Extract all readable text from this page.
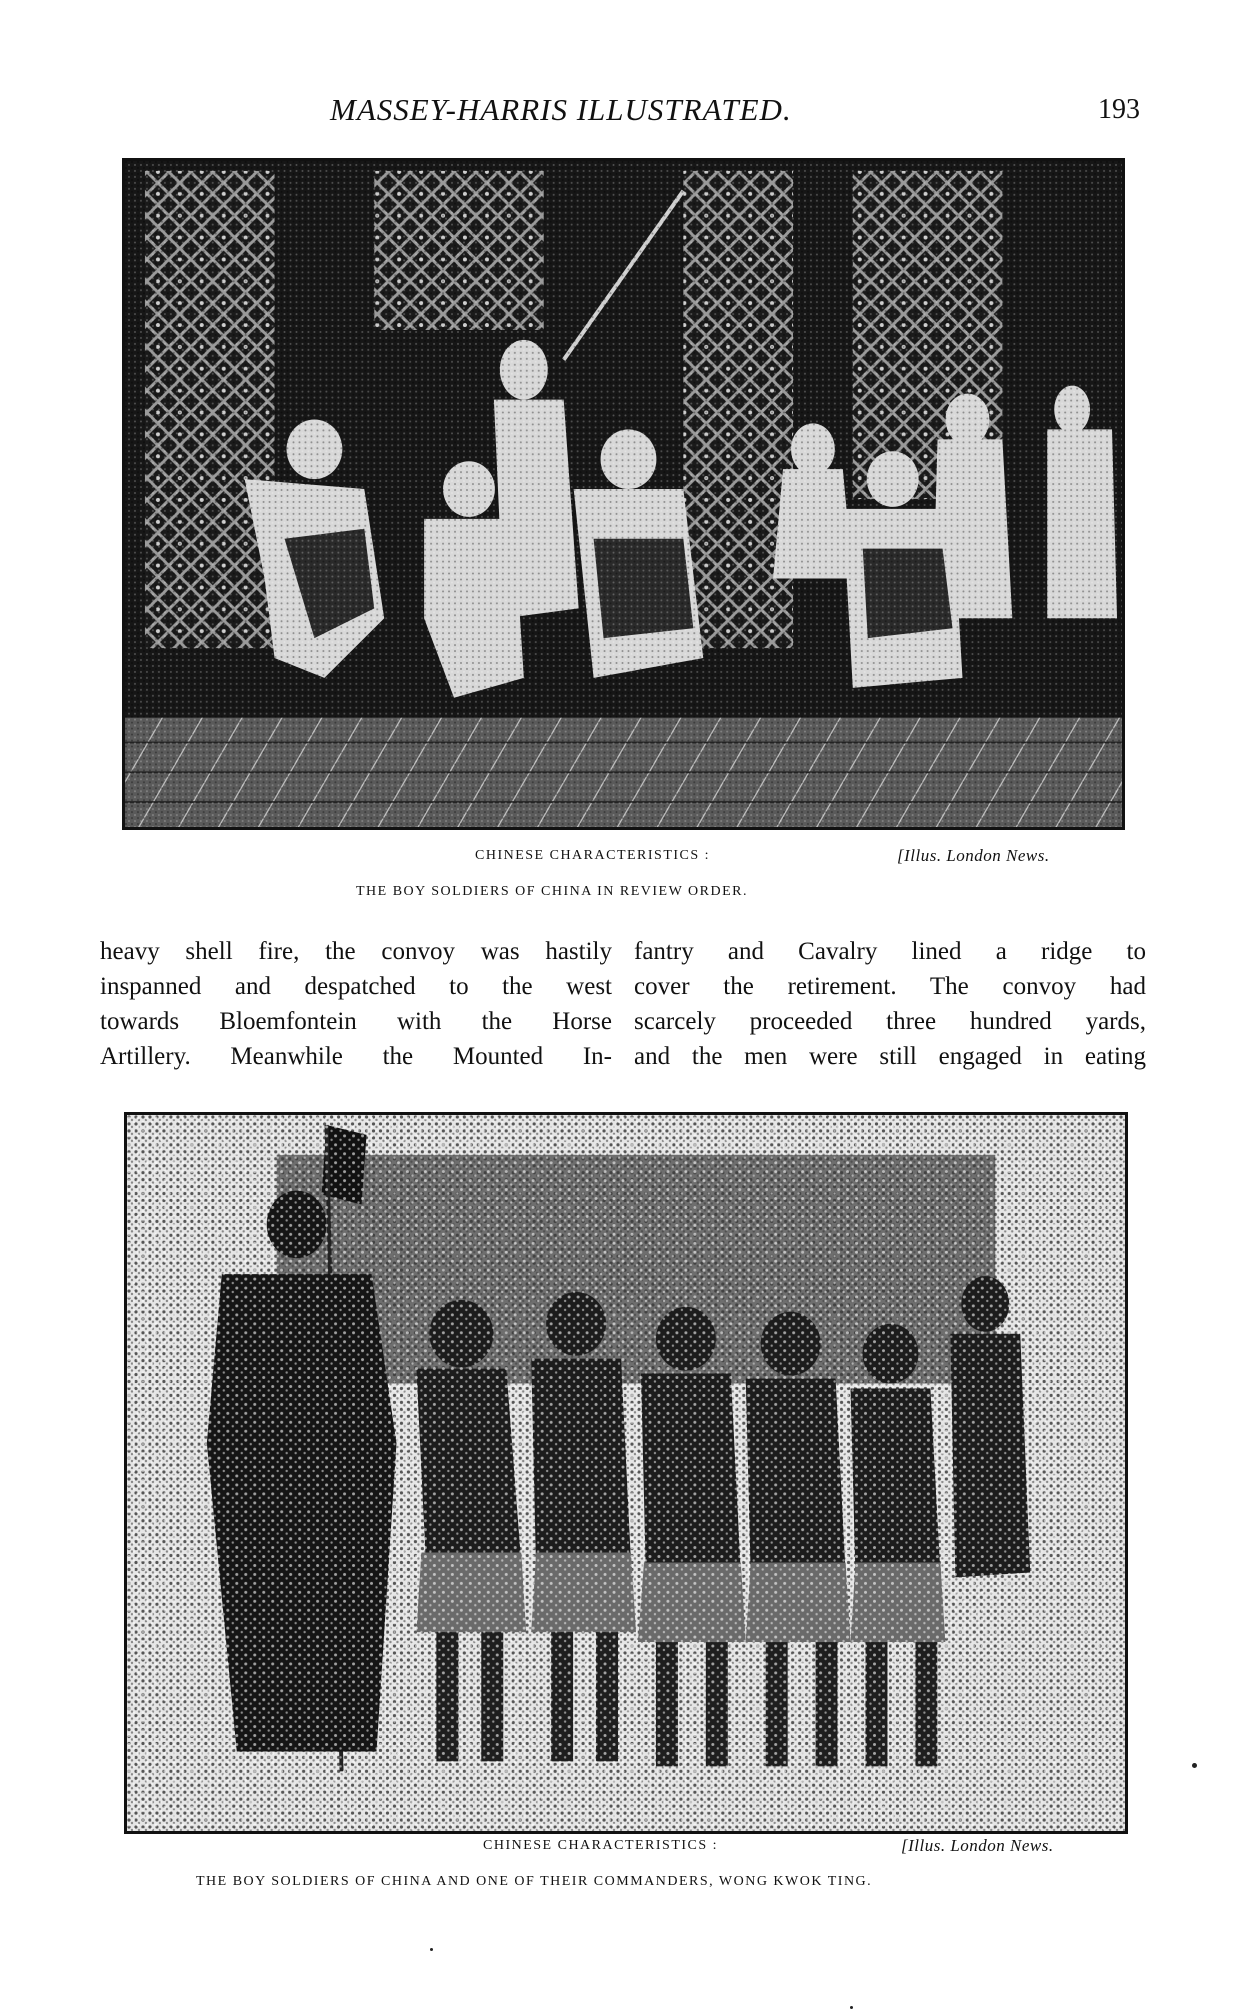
MASSEY-HARRIS ILLUSTRATED.	193
CHINESE CHARACTERISTICS :	[Illus. London News.
THE BOY SOLDIERS OF CHINA IN REVIEW ORDER.

heavy shell fire, the convoy was hastily

inspanned and despatched to the west

towards Bloemfontein with the Horse

Artillery. Meanwhile the Mounted In-

fantry and Cavalry lined a ridge to

cover the retirement. The convoy had

scarcely proceeded three hundred yards,

and the men were still engaged in eating

CHINESE CHARACTERISTICS :	[Illus. London News.
THE BOY SOLDIERS OF CHINA AND ONE OF THEIR COMMANDERS, WONG KWOK TING.
